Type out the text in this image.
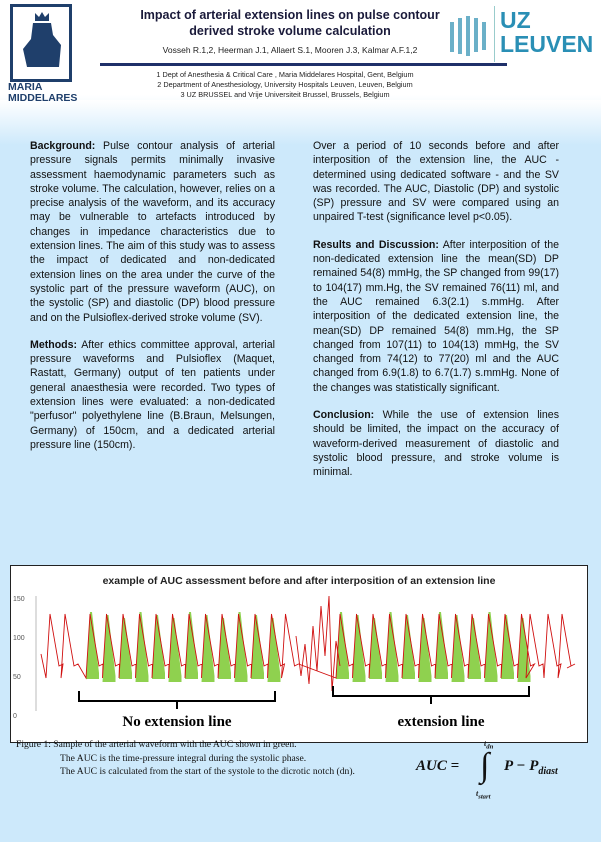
MARIA MIDDELARES
Impact of arterial extension lines on pulse contour derived stroke volume calculation
Vosseh R.1,2, Heerman J.1, Allaert S.1, Mooren J.3, Kalmar A.F.1,2
1 Dept of Anesthesia & Critical Care , Maria Middelares Hospital, Gent, Belgium
2 Department of Anesthesiology, University Hospitals Leuven, Leuven, Belgium
3 UZ BRUSSEL and Vrije Universiteit Brussel, Brussels, Belgium
UZ LEUVEN

Background: Pulse contour analysis of arterial pressure signals permits minimally invasive assessment haemodynamic parameters such as stroke volume. The calculation, however, relies on a precise analysis of the waveform, and its accuracy may be vulnerable to artefacts introduced by changes in impedance characteristics due to extension lines. The aim of this study was to assess the impact of dedicated and non-dedicated extension lines on the area under the curve of the systolic part of the pressure waveform (AUC), on the systolic (SP) and diastolic (DP) blood pressure and on the Pulsioflex-derived stroke volume (SV).

Methods: After ethics committee approval, arterial pressure waveforms and Pulsioflex (Maquet, Rastatt, Germany) output of ten patients under general anaesthesia were recorded. Two types of extension lines were evaluated: a non-dedicated "perfusor" polyethylene line (B.Braun, Melsungen, Germany) of 150cm, and a dedicated arterial pressure line (150cm).

Over a period of 10 seconds before and after interposition of the extension line, the AUC - determined using dedicated software - and the SV was recorded. The AUC, Diastolic (DP) and systolic (SP) pressure and SV were compared using an unpaired T-test (significance level p<0.05).

Results and Discussion: After interposition of the non-dedicated extension line the mean(SD) DP remained 54(8) mmHg, the SP changed from 99(17) to 104(17) mm.Hg, the SV remained 76(11) ml, and the AUC remained 6.3(2.1) s.mmHg. After interposition of the dedicated extension line, the mean(SD) DP remained 54(8) mm.Hg, the SP changed from 107(11) to 104(13) mmHg, the SV changed from 74(12) to 77(20) ml and the AUC changed from 6.9(1.8) to 6.7(1.7) s.mmHg. None of the changes was statistically significant.

Conclusion: While the use of extension lines should be limited, the impact on the accuracy of waveform-derived measurement of diastolic and systolic blood pressure, and stroke volume is minimal.

example of AUC assessment before and after interposition of an extension line
150
100
50
0	No extension line	extension line
Figure 1: Sample of the arterial waveform with the AUC shown in green.
The AUC is the time-pressure integral during the systolic phase.
The AUC is calculated from the start of the systole to the dicrotic notch (dn).	AUC =
$t_{dn}$
∫
$t_{start}$
$P - P_{diast}$
